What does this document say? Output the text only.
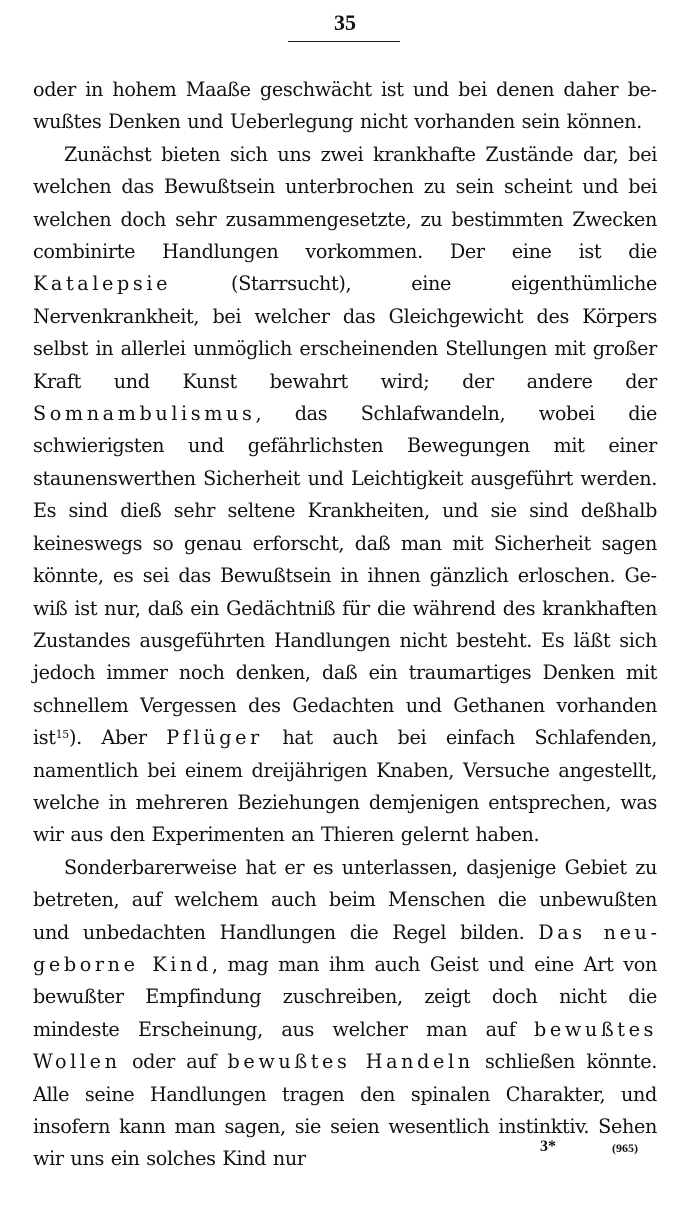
35

oder in hohem Maaße geschwächt ist und bei denen daher bewußtes Denken und Ueberlegung nicht vorhanden sein können.

Zunächst bieten sich uns zwei krankhafte Zustände dar, bei welchen das Bewußtsein unterbrochen zu sein scheint und bei welchen doch sehr zusammengesetzte, zu bestimmten Zwecken combinirte Handlungen vorkommen. Der eine ist die Katalepsie (Starrsucht), eine eigenthümliche Nervenkrankheit, bei welcher das Gleichgewicht des Körpers selbst in allerlei unmöglich erscheinenden Stellungen mit großer Kraft und Kunst bewahrt wird; der andere der Somnambulismus, das Schlafwandeln, wobei die schwierigsten und gefährlichsten Bewegungen mit einer staunenswerthen Sicherheit und Leichtigkeit ausgeführt werden. Es sind dieß sehr seltene Krankheiten, und sie sind deßhalb keineswegs so genau erforscht, daß man mit Sicherheit sagen könnte, es sei das Bewußtsein in ihnen gänzlich erloschen. Gewiß ist nur, daß ein Gedächtniß für die während des krankhaften Zustandes ausgeführten Handlungen nicht besteht. Es läßt sich jedoch immer noch denken, daß ein traumartiges Denken mit schnellem Vergessen des Gedachten und Gethanen vorhanden ist$^{15}$). Aber Pflüger hat auch bei einfach Schlafenden, namentlich bei einem dreijährigen Knaben, Versuche angestellt, welche in mehreren Beziehungen demjenigen entsprechen, was wir aus den Experimenten an Thieren gelernt haben.

Sonderbarerweise hat er es unterlassen, dasjenige Gebiet zu betreten, auf welchem auch beim Menschen die unbewußten und unbedachten Handlungen die Regel bilden. Das neugeborne Kind, mag man ihm auch Geist und eine Art von bewußter Empfindung zuschreiben, zeigt doch nicht die mindeste Erscheinung, aus welcher man auf bewußtes Wollen oder auf bewußtes Handeln schließen könnte. Alle seine Handlungen tragen den spinalen Charakter, und insofern kann man sagen, sie seien wesentlich instinktiv. Sehen wir uns ein solches Kind nur

3*	(965)
